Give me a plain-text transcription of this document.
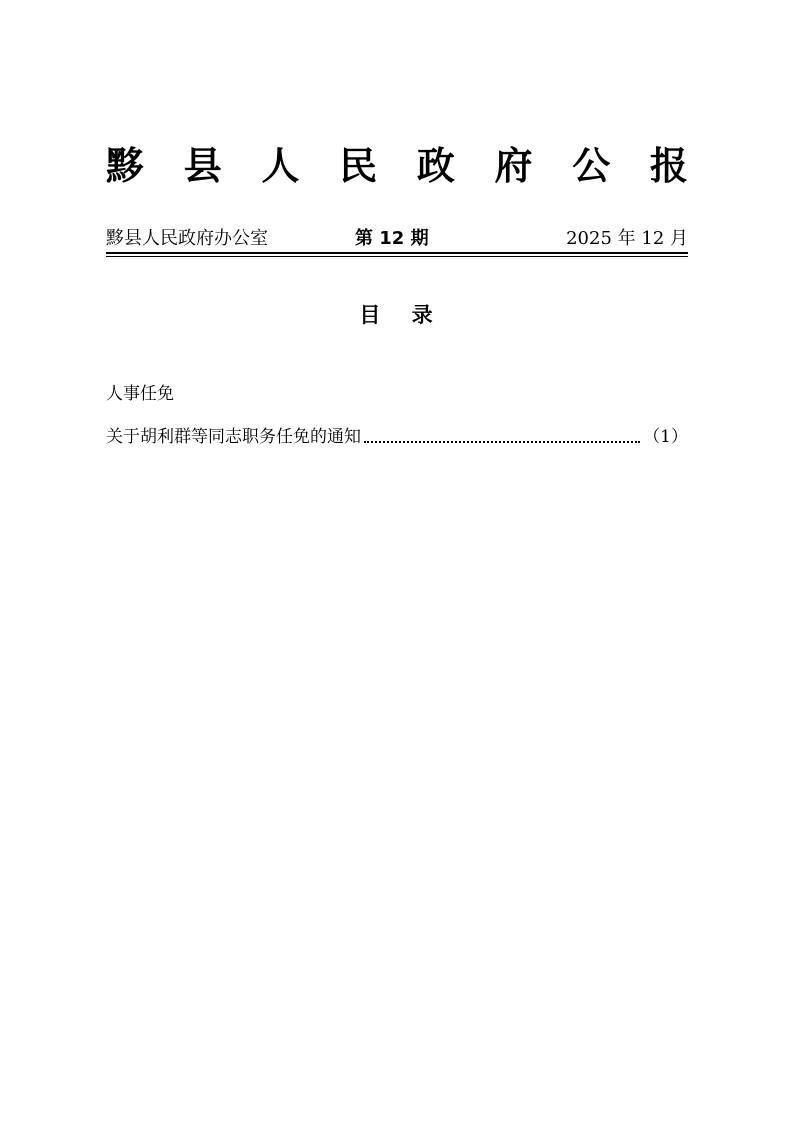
黟 县 人 民 政 府 公 报
黟县人民政府办公室	第 12 期	2025 年 12 月
目　 录
人事任免
关于胡利群等同志职务任免的通知	（1）
